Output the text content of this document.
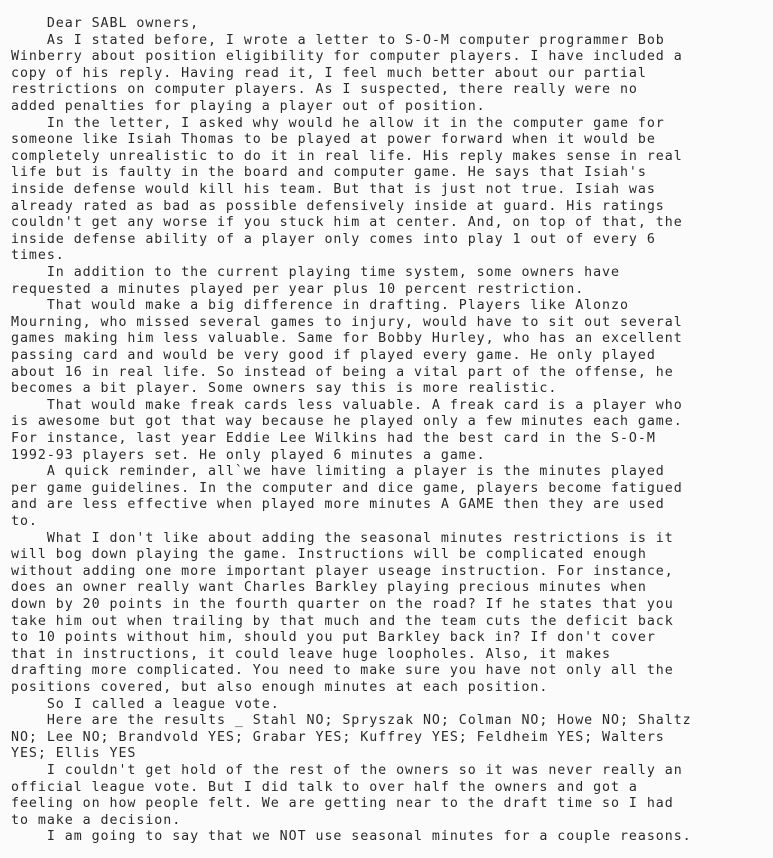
Dear SABL owners,
As I stated before, I wrote a letter to S-O-M computer programmer Bob
Winberry about position eligibility for computer players. I have included a
copy of his reply. Having read it, I feel much better about our partial
restrictions on computer players. As I suspected, there really were no
added penalties for playing a player out of position.
In the letter, I asked why would he allow it in the computer game for
someone like Isiah Thomas to be played at power forward when it would be
completely unrealistic to do it in real life. His reply makes sense in real
life but is faulty in the board and computer game. He says that Isiah's
inside defense would kill his team. But that is just not true. Isiah was
already rated as bad as possible defensively inside at guard. His ratings
couldn't get any worse if you stuck him at center. And, on top of that, the
inside defense ability of a player only comes into play 1 out of every 6
times.
In addition to the current playing time system, some owners have
requested a minutes played per year plus 10 percent restriction.
That would make a big difference in drafting. Players like Alonzo
Mourning, who missed several games to injury, would have to sit out several
games making him less valuable. Same for Bobby Hurley, who has an excellent
passing card and would be very good if played every game. He only played
about 16 in real life. So instead of being a vital part of the offense, he
becomes a bit player. Some owners say this is more realistic.
That would make freak cards less valuable. A freak card is a player who
is awesome but got that way because he played only a few minutes each game.
For instance, last year Eddie Lee Wilkins had the best card in the S-O-M
1992-93 players set. He only played 6 minutes a game.
A quick reminder, all`we have limiting a player is the minutes played
per game guidelines. In the computer and dice game, players become fatigued
and are less effective when played more minutes A GAME then they are used
to.
What I don't like about adding the seasonal minutes restrictions is it
will bog down playing the game. Instructions will be complicated enough
without adding one more important player useage instruction. For instance,
does an owner really want Charles Barkley playing precious minutes when
down by 20 points in the fourth quarter on the road? If he states that you
take him out when trailing by that much and the team cuts the deficit back
to 10 points without him, should you put Barkley back in? If don't cover
that in instructions, it could leave huge loopholes. Also, it makes
drafting more complicated. You need to make sure you have not only all the
positions covered, but also enough minutes at each position.
So I called a league vote.
Here are the results _ Stahl NO; Spryszak NO; Colman NO; Howe NO; Shaltz
NO; Lee NO; Brandvold YES; Grabar YES; Kuffrey YES; Feldheim YES; Walters
YES; Ellis YES
I couldn't get hold of the rest of the owners so it was never really an
official league vote. But I did talk to over half the owners and got a
feeling on how people felt. We are getting near to the draft time so I had
to make a decision.
I am going to say that we NOT use seasonal minutes for a couple reasons.
